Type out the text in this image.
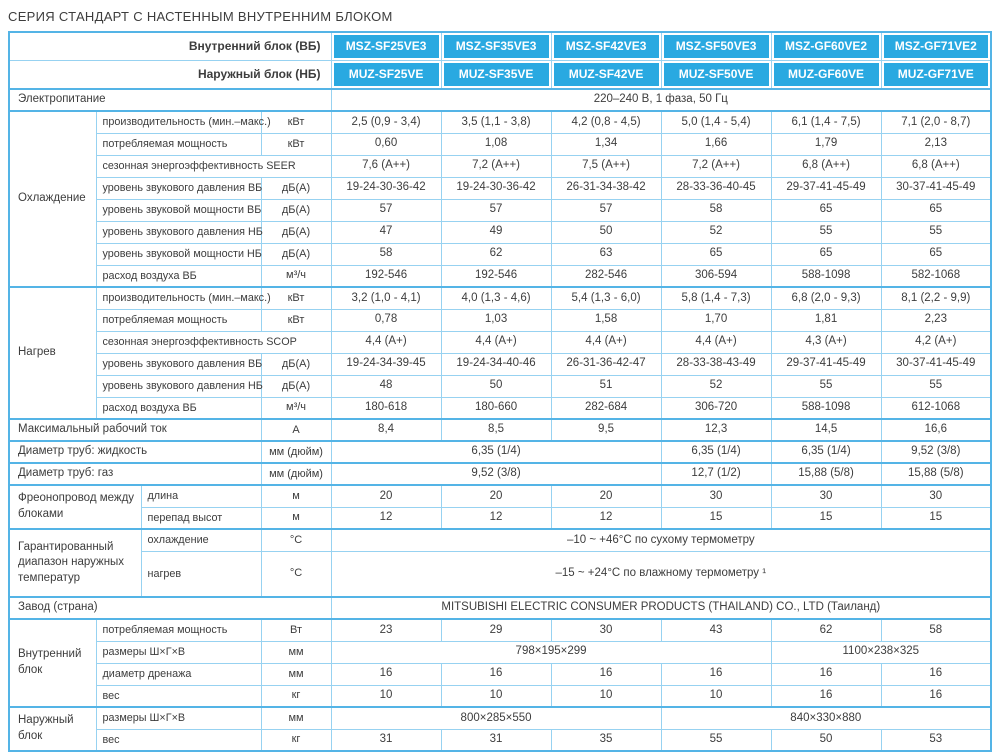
СЕРИЯ СТАНДАРТ С НАСТЕННЫМ ВНУТРЕННИМ БЛОКОМ
Внутренний блок (ВБ)				MSZ-SF25VE3	MSZ-SF35VE3	MSZ-SF42VE3	MSZ-SF50VE3	MSZ-GF60VE2	MSZ-GF71VE2

Наружный блок (НБ)				MUZ-SF25VE	MUZ-SF35VE	MUZ-SF42VE	MUZ-SF50VE	MUZ-GF60VE	MUZ-GF71VE

Электропитание				220–240 В, 1 фаза, 50 Гц					
Охлаждение	производительность (мин.–макс.)		кВт	2,5 (0,9 - 3,4)	3,5 (1,1 - 3,8)	4,2 (0,8 - 4,5)	5,0 (1,4 - 5,4)	6,1 (1,4 - 7,5)	7,1 (2,0 - 8,7)
	потребляемая мощность		кВт	0,60	1,08	1,34	1,66	1,79	2,13
	сезонная энергоэффективность SEER			7,6 (A++)	7,2 (A++)	7,5 (A++)	7,2 (A++)	6,8 (A++)	6,8 (A++)
	уровень звукового давления ВБ		дБ(А)	19-24-30-36-42	19-24-30-36-42	26-31-34-38-42	28-33-36-40-45	29-37-41-45-49	30-37-41-45-49
	уровень звуковой мощности ВБ		дБ(А)	57	57	57	58	65	65
	уровень звукового давления НБ		дБ(А)	47	49	50	52	55	55
	уровень звуковой мощности НБ		дБ(А)	58	62	63	65	65	65
	расход воздуха ВБ		м³/ч	192-546	192-546	282-546	306-594	588-1098	582-1068
Нагрев	производительность (мин.–макс.)		кВт	3,2 (1,0 - 4,1)	4,0 (1,3 - 4,6)	5,4 (1,3 - 6,0)	5,8 (1,4 - 7,3)	6,8 (2,0 - 9,3)	8,1 (2,2 - 9,9)
	потребляемая мощность		кВт	0,78	1,03	1,58	1,70	1,81	2,23
	сезонная энергоэффективность SCOP			4,4 (A+)	4,4 (A+)	4,4 (A+)	4,4 (A+)	4,3 (A+)	4,2 (A+)
	уровень звукового давления ВБ		дБ(А)	19-24-34-39-45	19-24-34-40-46	26-31-36-42-47	28-33-38-43-49	29-37-41-45-49	30-37-41-45-49
	уровень звукового давления НБ		дБ(А)	48	50	51	52	55	55
	расход воздуха ВБ		м³/ч	180-618	180-660	282-684	306-720	588-1098	612-1068
Максимальный рабочий ток			А	8,4	8,5	9,5	12,3	14,5	16,6
Диаметр труб: жидкость			мм (дюйм)	6,35 (1/4)			6,35 (1/4)	6,35 (1/4)	9,52 (3/8)
Диаметр труб: газ			мм (дюйм)	9,52 (3/8)			12,7 (1/2)	15,88 (5/8)	15,88 (5/8)
Фреонопровод между блоками		длина	м	20	20	20	30	30	30
		перепад высот	м	12	12	12	15	15	15
Гарантированный диапазон наружных температур		охлаждение	°C	–10 ~ +46°C по сухому термометру					
		нагрев	°C	–15 ~ +24°C по влажному термометру ¹					
Завод (страна)				MITSUBISHI ELECTRIC CONSUMER PRODUCTS (THAILAND) CO., LTD (Таиланд)					
Внутренний блок	потребляемая мощность		Вт	23	29	30	43	62	58
	размеры Ш×Г×В		мм	798×195×299				1100×238×325	
	диаметр дренажа		мм	16	16	16	16	16	16
	вес		кг	10	10	10	10	16	16
Наружный блок	размеры Ш×Г×В		мм	800×285×550			840×330×880		
	вес		кг	31	31	35	55	50	53
